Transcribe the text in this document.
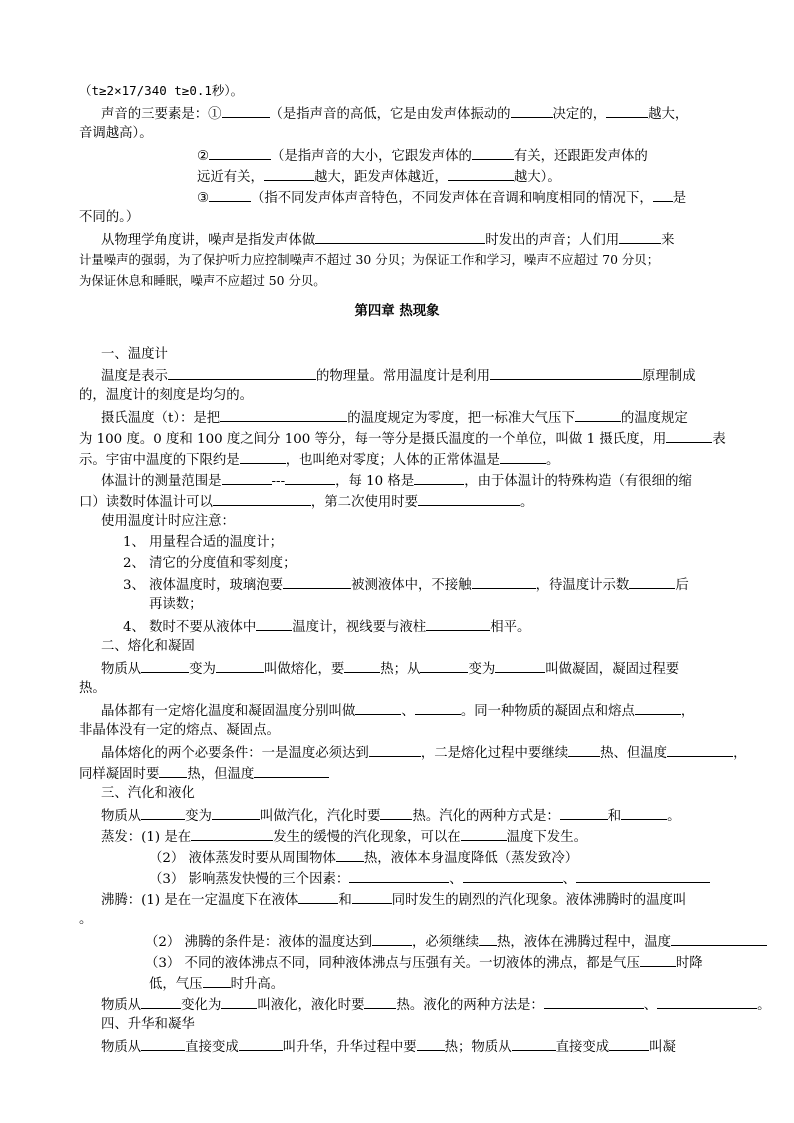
（t≥2×17/340 t≥0.1秒）。
声音的三要素是：①	（是指声音的高低，它是由发声体振动的	决定的，	越大，
音调越高）。
②	（是指声音的大小，它跟发声体的	有关，还跟距发声体的
远近有关，	越大，距发声体越近，	越大）。
③	（指不同发声体声音特色，不同发声体在音调和响度相同的情况下， 是
不同的。）
从物理学角度讲，噪声是指发声体做	时发出的声音；人们用	来
计量噪声的强弱，为了保护听力应控制噪声不超过 30 分贝；为保证工作和学习，噪声不应超过 70 分贝；
为保证休息和睡眠，噪声不应超过 50 分贝。
第四章 热现象
一、温度计
温度是表示	的物理量。常用温度计是利用	原理制成
的，温度计的刻度是均匀的。
摄氏温度（t）：是把	的温度规定为零度，把一标准大气压下	的温度规定
为 100 度。0 度和 100 度之间分 100 等分，每一等分是摄氏温度的一个单位，叫做 1 摄氏度，用	表
示。宇宙中温度的下限约是	，也叫绝对零度；人体的正常体温是	。
体温计的测量范围是	---	，每 10 格是	，由于体温计的特殊构造（有很细的缩
口）读数时体温计可以	，第二次使用时要	。
使用温度计时应注意：
1、 用量程合适的温度计；
2、 清它的分度值和零刻度；
3、 液体温度时，玻璃泡要	被测液体中，不接触	，待温度计示数	后
再读数；
4、 数时不要从液体中	温度计，视线要与液柱	相平。
二、熔化和凝固
物质从	变为	叫做熔化，要	热；从	变为	叫做凝固，凝固过程要
热。
晶体都有一定熔化温度和凝固温度分别叫做	、	。同一种物质的凝固点和熔点	，
非晶体没有一定的熔点、凝固点。
晶体熔化的两个必要条件：一是温度必须达到	，二是熔化过程中要继续 热、但温度	，
同样凝固时要 热，但温度
三、汽化和液化
物质从	变为	叫做汽化，汽化时要 热。汽化的两种方式是：	和	。
蒸发：(1) 是在	发生的缓慢的汽化现象，可以在	温度下发生。
（2） 液体蒸发时要从周围物体 热，液体本身温度降低（蒸发致冷）
（3） 影响蒸发快慢的三个因素：	、	、
沸腾：(1) 是在一定温度下在液体	和	同时发生的剧烈的汽化现象。液体沸腾时的温度叫
。
（2） 沸腾的条件是：液体的温度达到	，必须继续 热，液体在沸腾过程中，温度
（3） 不同的液体沸点不同，同种液体沸点与压强有关。一切液体的沸点，都是气压	时降
低，气压 时升高。
物质从	变化为	叫液化，液化时要 热。液化的两种方法是：	、	。
四、升华和凝华
物质从	直接变成	叫升华，升华过程中要 热；物质从	直接变成	叫凝
